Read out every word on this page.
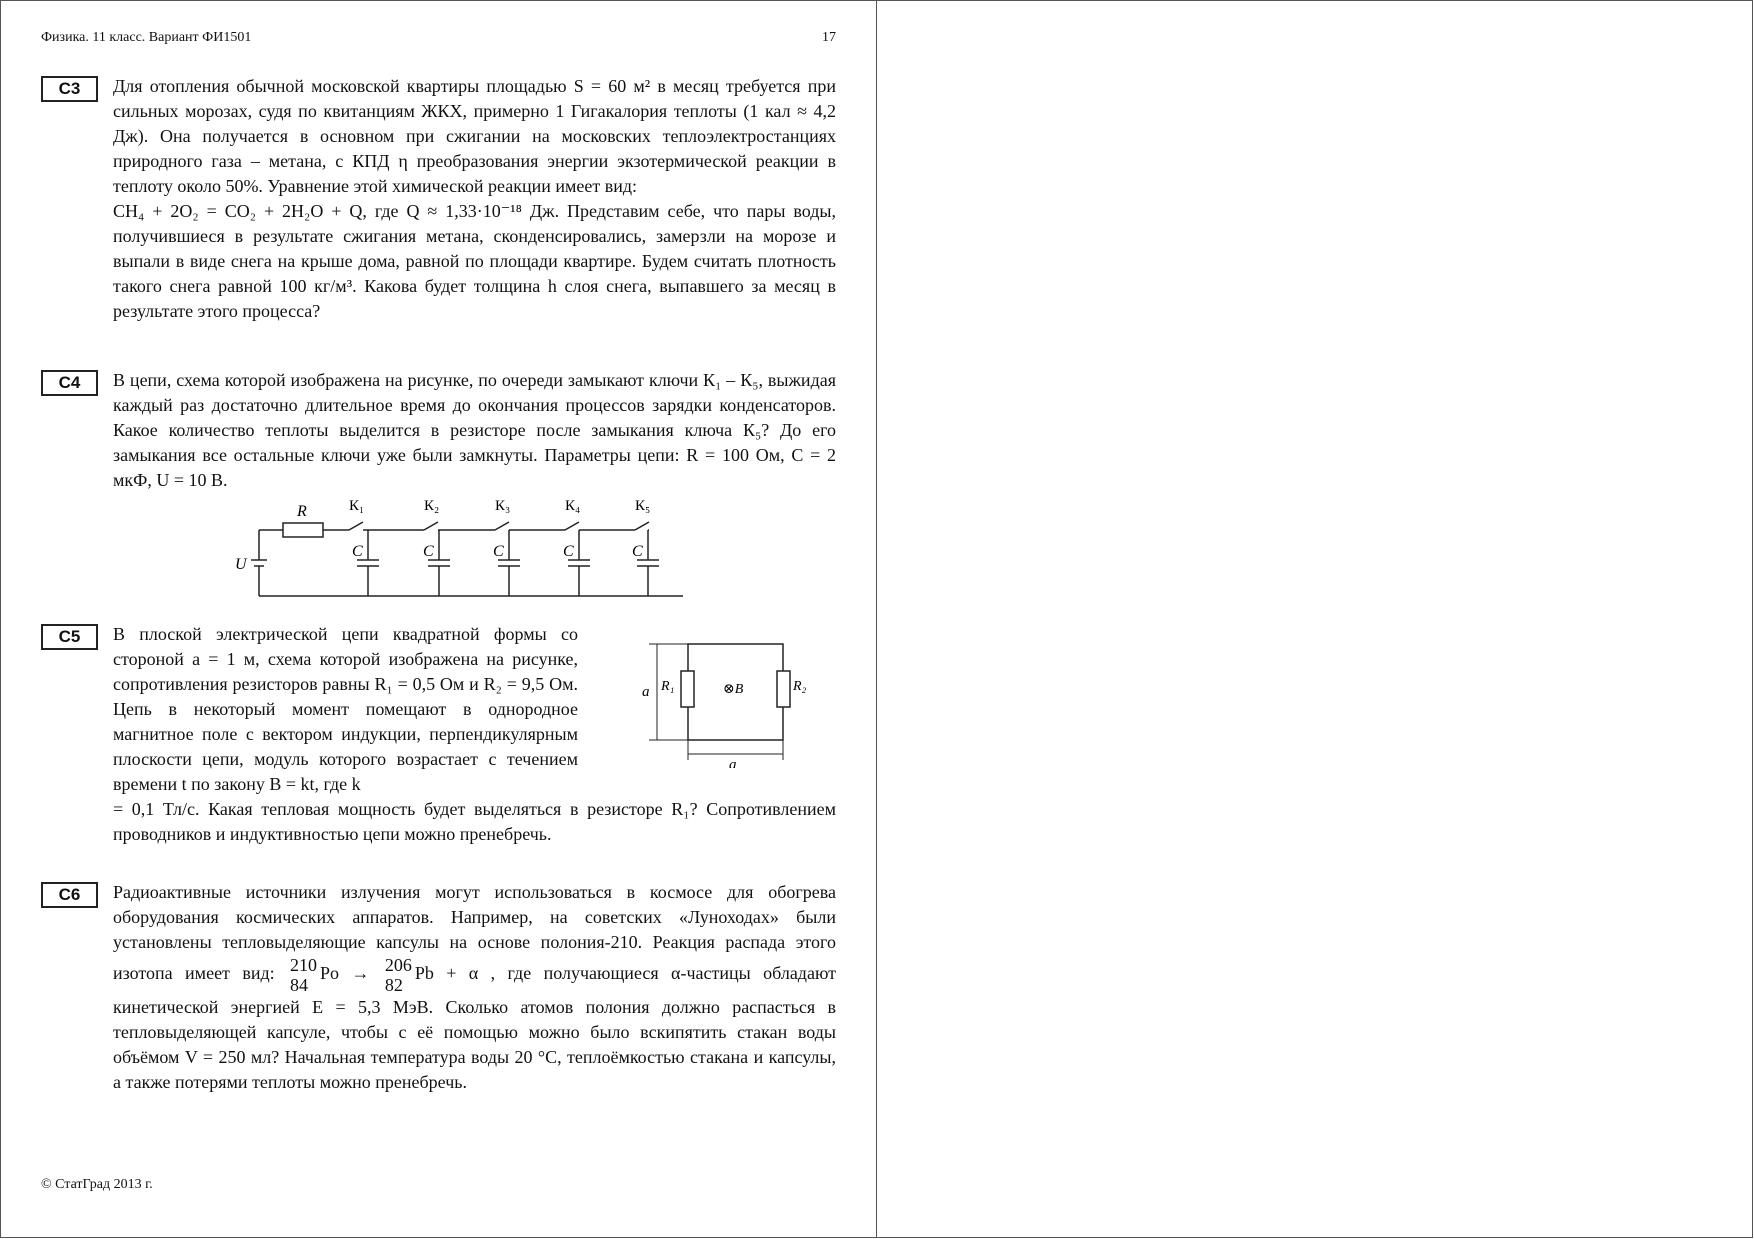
Физика. 11 класс. Вариант ФИ1501	17
С3	Для отопления обычной московской квартиры площадью S = 60 м² в месяц требуется при сильных морозах, судя по квитанциям ЖКХ, примерно 1 Гигакалория теплоты (1 кал ≈ 4,2 Дж). Она получается в основном при сжигании на московских теплоэлектростанциях природного газа – метана, с КПД η преобразования энергии экзотермической реакции в теплоту около 50%. Уравнение этой химической реакции имеет вид:

CH₄ + 2O₂ = CO₂ + 2H₂O + Q, где Q ≈ 1,33·10⁻¹⁸ Дж. Представим себе, что пары воды, получившиеся в результате сжигания метана, сконденсировались, замерзли на морозе и выпали в виде снега на крыше дома, равной по площади квартире. Будем считать плотность такого снега равной 100 кг/м³. Какова будет толщина h слоя снега, выпавшего за месяц в результате этого процесса?

С4	В цепи, схема которой изображена на рисунке, по очереди замыкают ключи К₁ – К₅, выжидая каждый раз достаточно длительное время до окончания процессов зарядки конденсаторов. Какое количество теплоты выделится в резисторе после замыкания ключа К₅? До его замыкания все остальные ключи уже были замкнуты. Параметры цепи: R = 100 Ом, C = 2 мкФ, U = 10 В.

U
R	К₁	К₂	К₃	К₄	К₅
C	C	C	C	C
С5	В плоской электрической цепи квадратной формы со стороной a = 1 м, схема которой изображена на рисунке, сопротивления резисторов равны R₁ = 0,5 Ом и R₂ = 9,5 Ом. Цепь в некоторый момент помещают в однородное магнитное поле с вектором индукции, перпендикулярным плоскости цепи, модуль которого возрастает с течением времени t по закону B = kt, где k

= 0,1 Тл/с. Какая тепловая мощность будет выделяться в резисторе R₁? Сопротивлением проводников и индуктивностью цепи можно пренебречь.

a
a
R₁	R₂
⊗B⃗
С6	Радиоактивные источники излучения могут использоваться в космосе для обогрева оборудования космических аппаратов. Например, на советских «Луноходах» были установлены тепловыделяющие капсулы на основе полония-210. Реакция распада этого изотопа имеет вид: 210
84
Po → 206
82
Pb + α , где получающиеся α-частицы обладают кинетической энергией E = 5,3 МэВ. Сколько атомов полония должно распасться в тепловыделяющей капсуле, чтобы с её помощью можно было вскипятить стакан воды объёмом V = 250 мл? Начальная температура воды 20 °С, теплоёмкостью стакана и капсулы, а также потерями теплоты можно пренебречь.

© СтатГрад 2013 г.
